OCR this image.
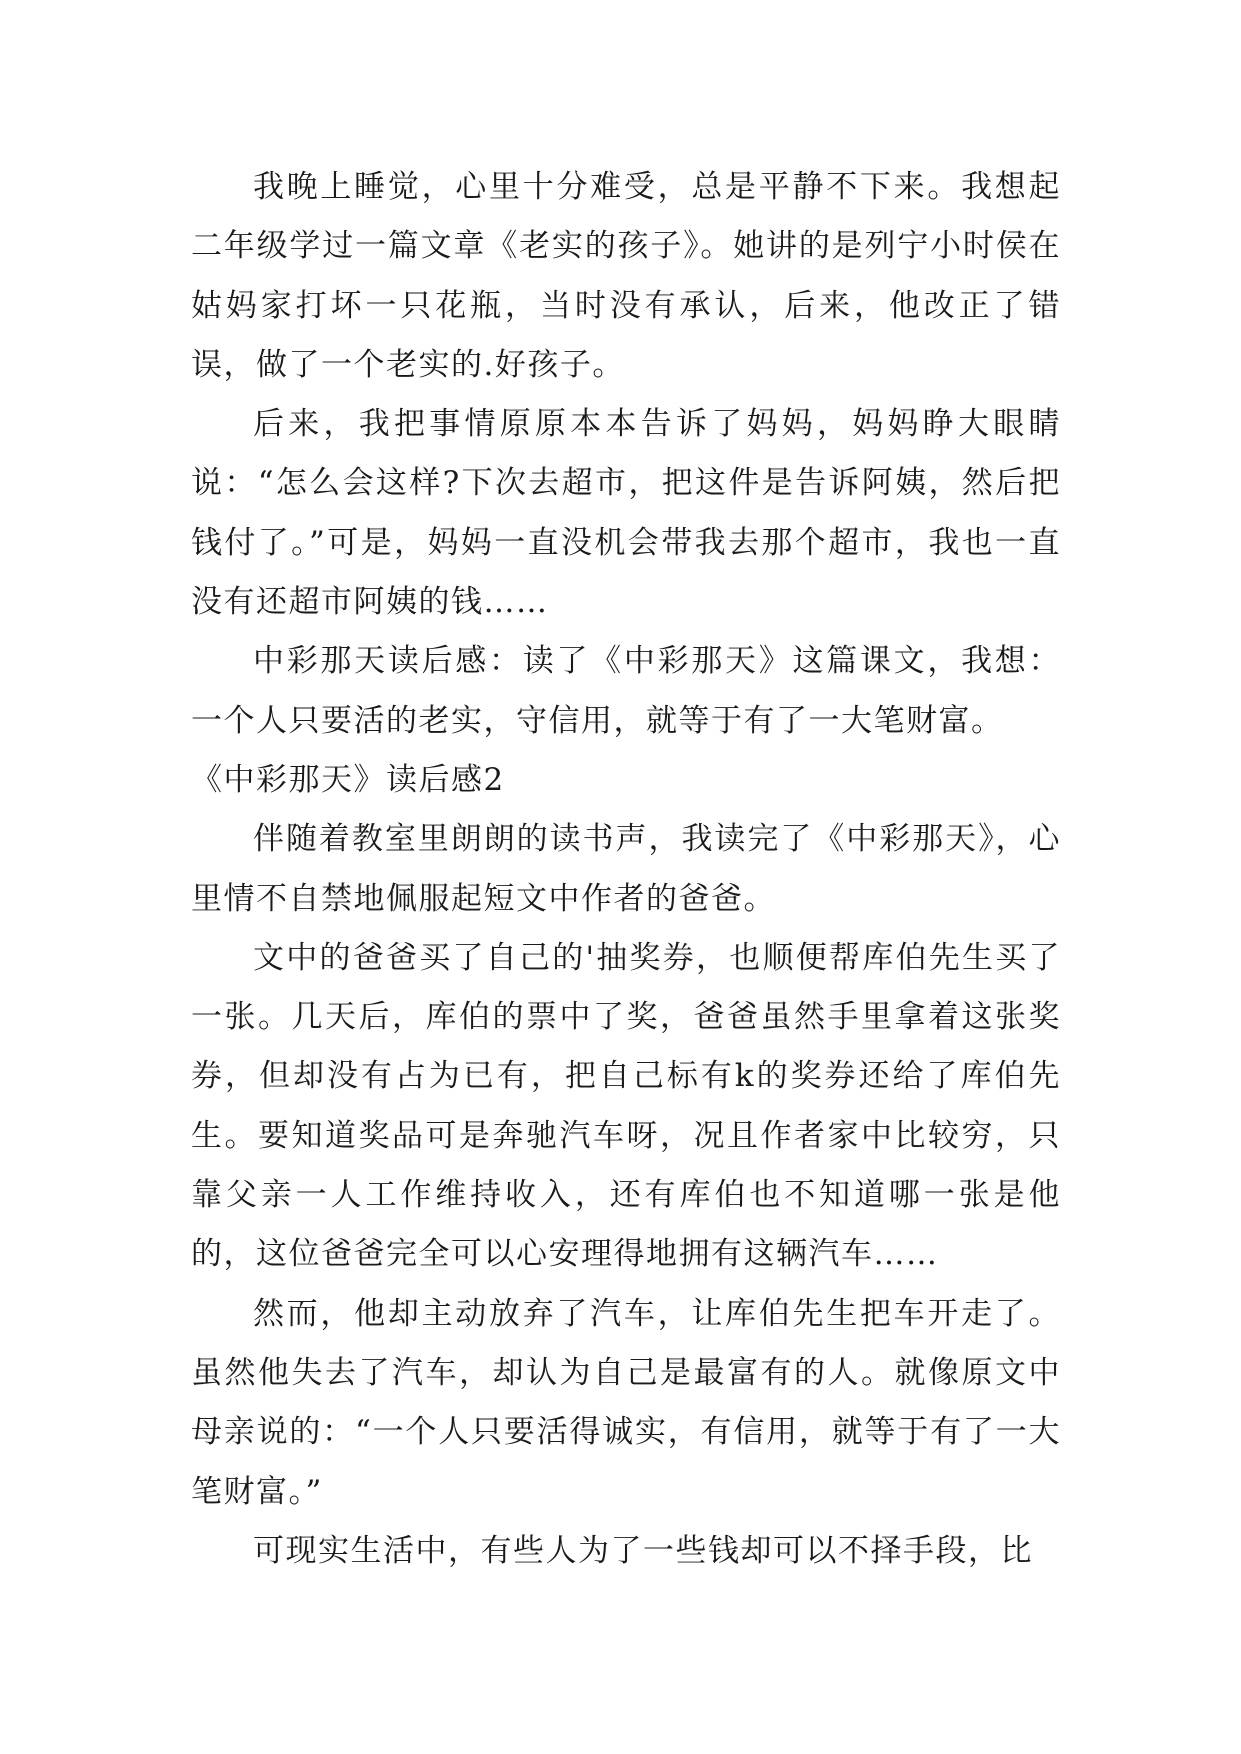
我晚上睡觉，心里十分难受，总是平静不下来。我想起二年级学过一篇文章《老实的孩子》。她讲的是列宁小时侯在姑妈家打坏一只花瓶，当时没有承认，后来，他改正了错误，做了一个老实的.好孩子。

后来，我把事情原原本本告诉了妈妈，妈妈睁大眼睛说：“怎么会这样?下次去超市，把这件是告诉阿姨，然后把钱付了。”可是，妈妈一直没机会带我去那个超市，我也一直没有还超市阿姨的钱……

中彩那天读后感：读了《中彩那天》这篇课文，我想：一个人只要活的老实，守信用，就等于有了一大笔财富。

《中彩那天》读后感2

伴随着教室里朗朗的读书声，我读完了《中彩那天》，心里情不自禁地佩服起短文中作者的爸爸。

文中的爸爸买了自己的'抽奖券，也顺便帮库伯先生买了一张。几天后，库伯的票中了奖，爸爸虽然手里拿着这张奖券，但却没有占为已有，把自己标有k的奖券还给了库伯先生。要知道奖品可是奔驰汽车呀，况且作者家中比较穷，只靠父亲一人工作维持收入，还有库伯也不知道哪一张是他的，这位爸爸完全可以心安理得地拥有这辆汽车……

然而，他却主动放弃了汽车，让库伯先生把车开走了。虽然他失去了汽车，却认为自己是最富有的人。就像原文中母亲说的：“一个人只要活得诚实，有信用，就等于有了一大笔财富。”

可现实生活中，有些人为了一些钱却可以不择手段，比
